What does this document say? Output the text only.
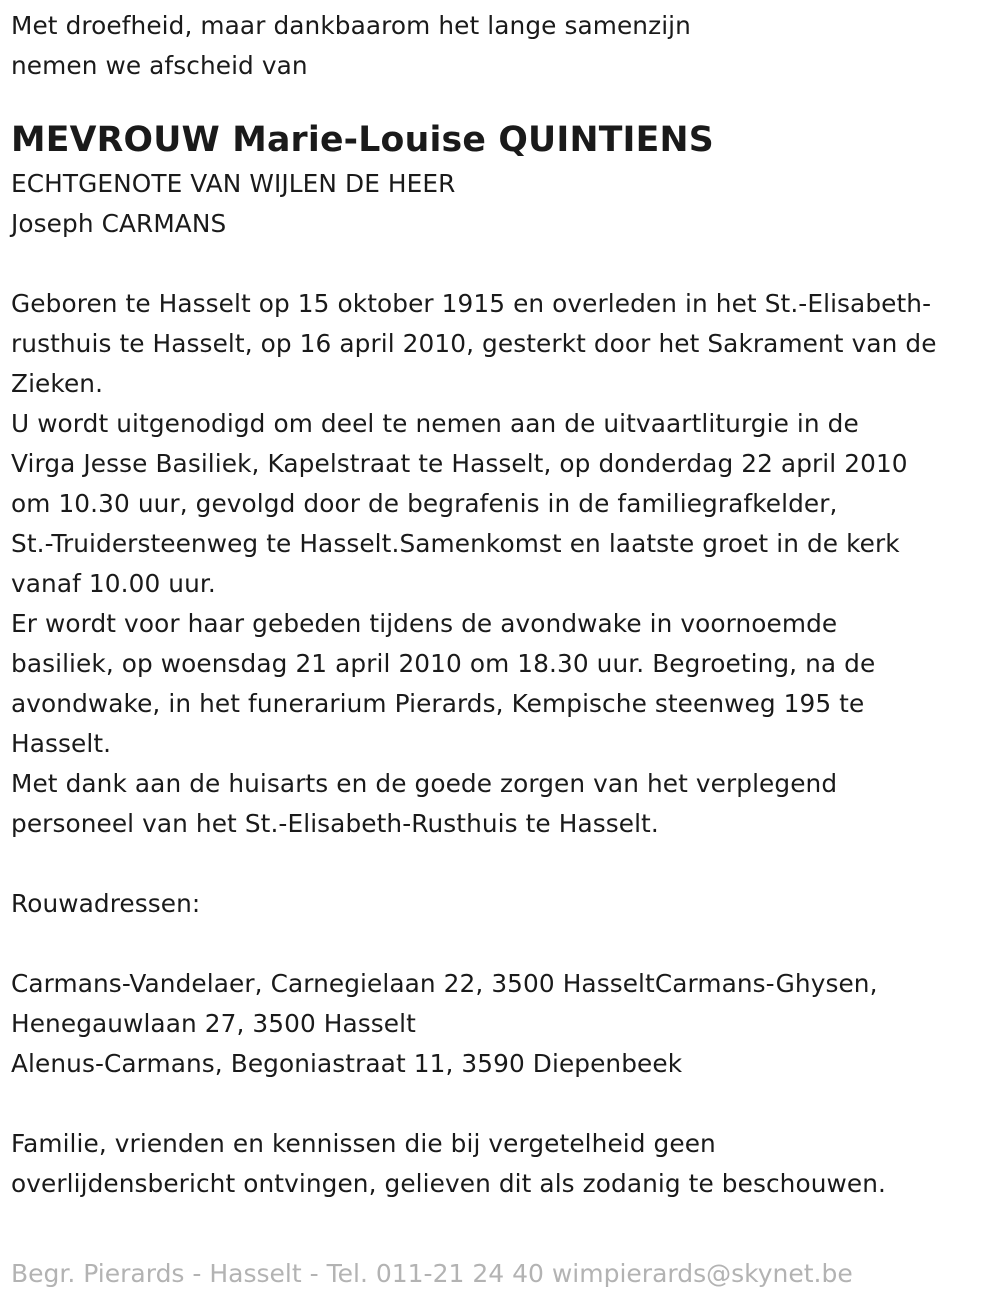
Met droefheid, maar dankbaarom het lange samenzijn
nemen we afscheid van
MEVROUW Marie-Louise QUINTIENS
ECHTGENOTE VAN WIJLEN DE HEER
Joseph CARMANS
Geboren te Hasselt op 15 oktober 1915 en overleden in het St.-Elisabeth-
rusthuis te Hasselt, op 16 april 2010, gesterkt door het Sakrament van de
Zieken.
U wordt uitgenodigd om deel te nemen aan de uitvaartliturgie in de
Virga Jesse Basiliek, Kapelstraat te Hasselt, op donderdag 22 april 2010
om 10.30 uur, gevolgd door de begrafenis in de familiegrafkelder,
St.-Truidersteenweg te Hasselt.Samenkomst en laatste groet in de kerk
vanaf 10.00 uur.
Er wordt voor haar gebeden tijdens de avondwake in voornoemde
basiliek, op woensdag 21 april 2010 om 18.30 uur. Begroeting, na de
avondwake, in het funerarium Pierards, Kempische steenweg 195 te
Hasselt.
Met dank aan de huisarts en de goede zorgen van het verplegend
personeel van het St.-Elisabeth-Rusthuis te Hasselt.
Rouwadressen:
Carmans-Vandelaer, Carnegielaan 22, 3500 HasseltCarmans-Ghysen,
Henegauwlaan 27, 3500 Hasselt
Alenus-Carmans, Begoniastraat 11, 3590 Diepenbeek
Familie, vrienden en kennissen die bij vergetelheid geen
overlijdensbericht ontvingen, gelieven dit als zodanig te beschouwen.
Begr. Pierards - Hasselt - Tel. 011-21 24 40 wimpierards@skynet.be
